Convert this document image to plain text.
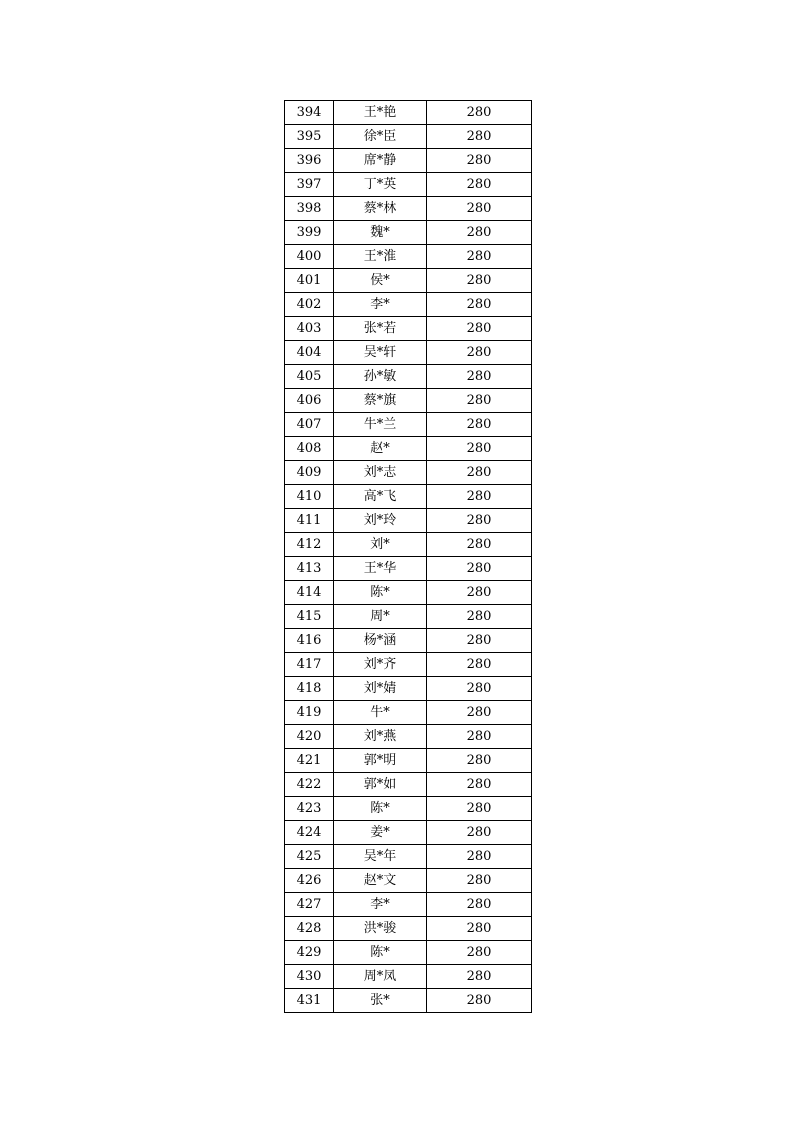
394	王*艳	280
395	徐*臣	280
396	席*静	280
397	丁*英	280
398	蔡*林	280
399	魏*	280
400	王*淮	280
401	侯*	280
402	李*	280
403	张*若	280
404	吴*轩	280
405	孙*敏	280
406	蔡*旗	280
407	牛*兰	280
408	赵*	280
409	刘*志	280
410	高*飞	280
411	刘*玲	280
412	刘*	280
413	王*华	280
414	陈*	280
415	周*	280
416	杨*涵	280
417	刘*齐	280
418	刘*婧	280
419	牛*	280
420	刘*燕	280
421	郭*明	280
422	郭*如	280
423	陈*	280
424	姜*	280
425	吴*年	280
426	赵*文	280
427	李*	280
428	洪*骏	280
429	陈*	280
430	周*凤	280
431	张*	280
